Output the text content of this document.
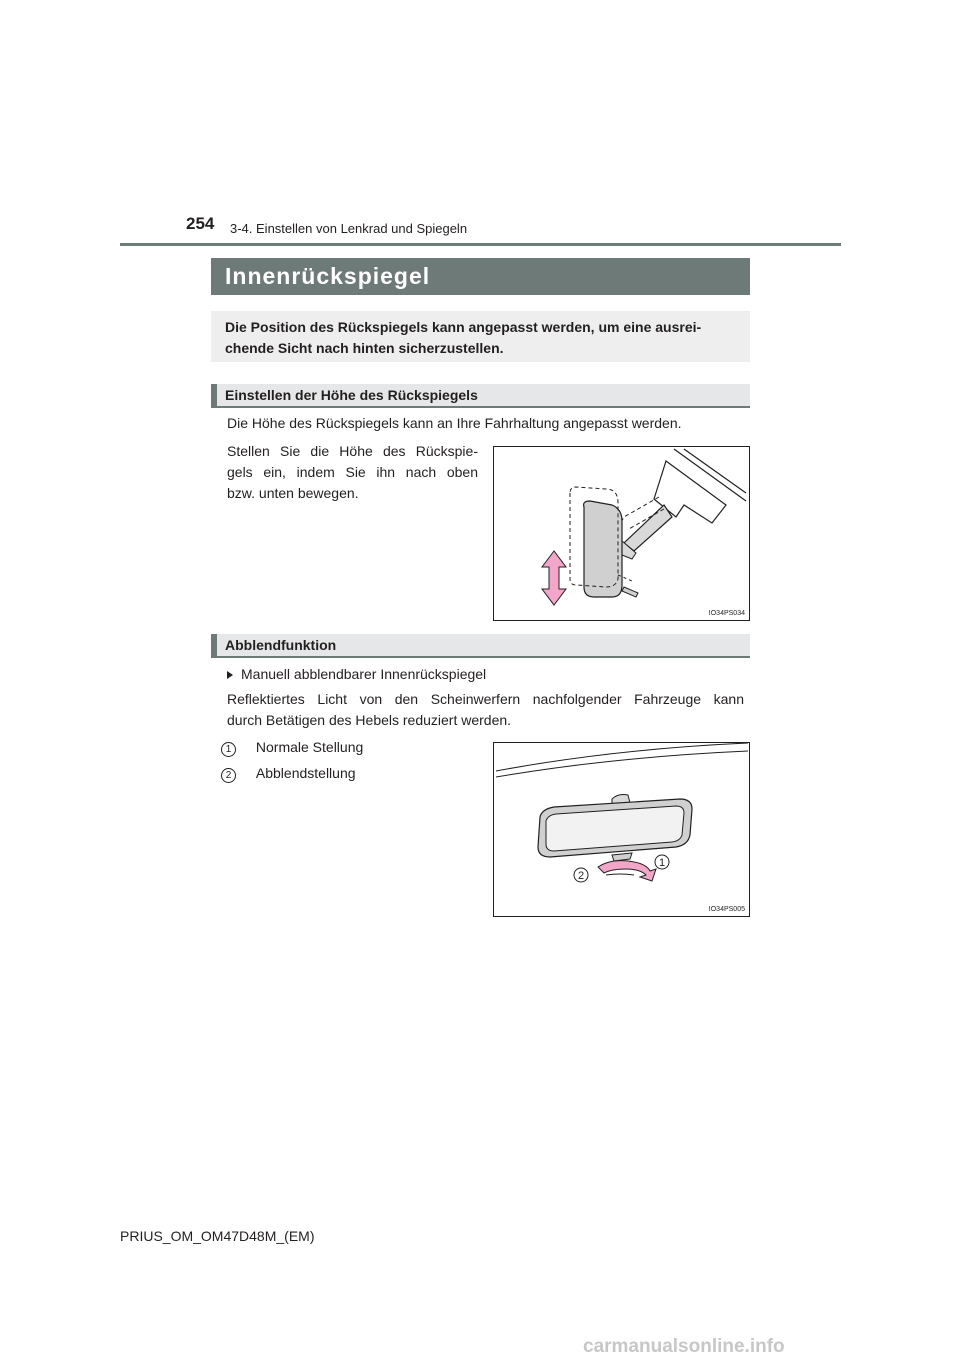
254 3-4. Einstellen von Lenkrad und Spiegeln
Innenrückspiegel
Die Position des Rückspiegels kann angepasst werden, um eine ausrei-
chende Sicht nach hinten sicherzustellen.
Einstellen der Höhe des Rückspiegels
Die Höhe des Rückspiegels kann an Ihre Fahrhaltung angepasst werden.
Stellen Sie die Höhe des Rückspie-
gels ein, indem Sie ihn nach oben
bzw. unten bewegen.
IO34PS034
Abblendfunktion
Manuell abblendbarer Innenrückspiegel
Reflektiertes Licht von den Scheinwerfern nachfolgender Fahrzeuge kann
durch Betätigen des Hebels reduziert werden.
1 Normale Stellung
2 Abblendstellung
1
2
IO34PS005
PRIUS_OM_OM47D48M_(EM)
carmanualsonline.info
